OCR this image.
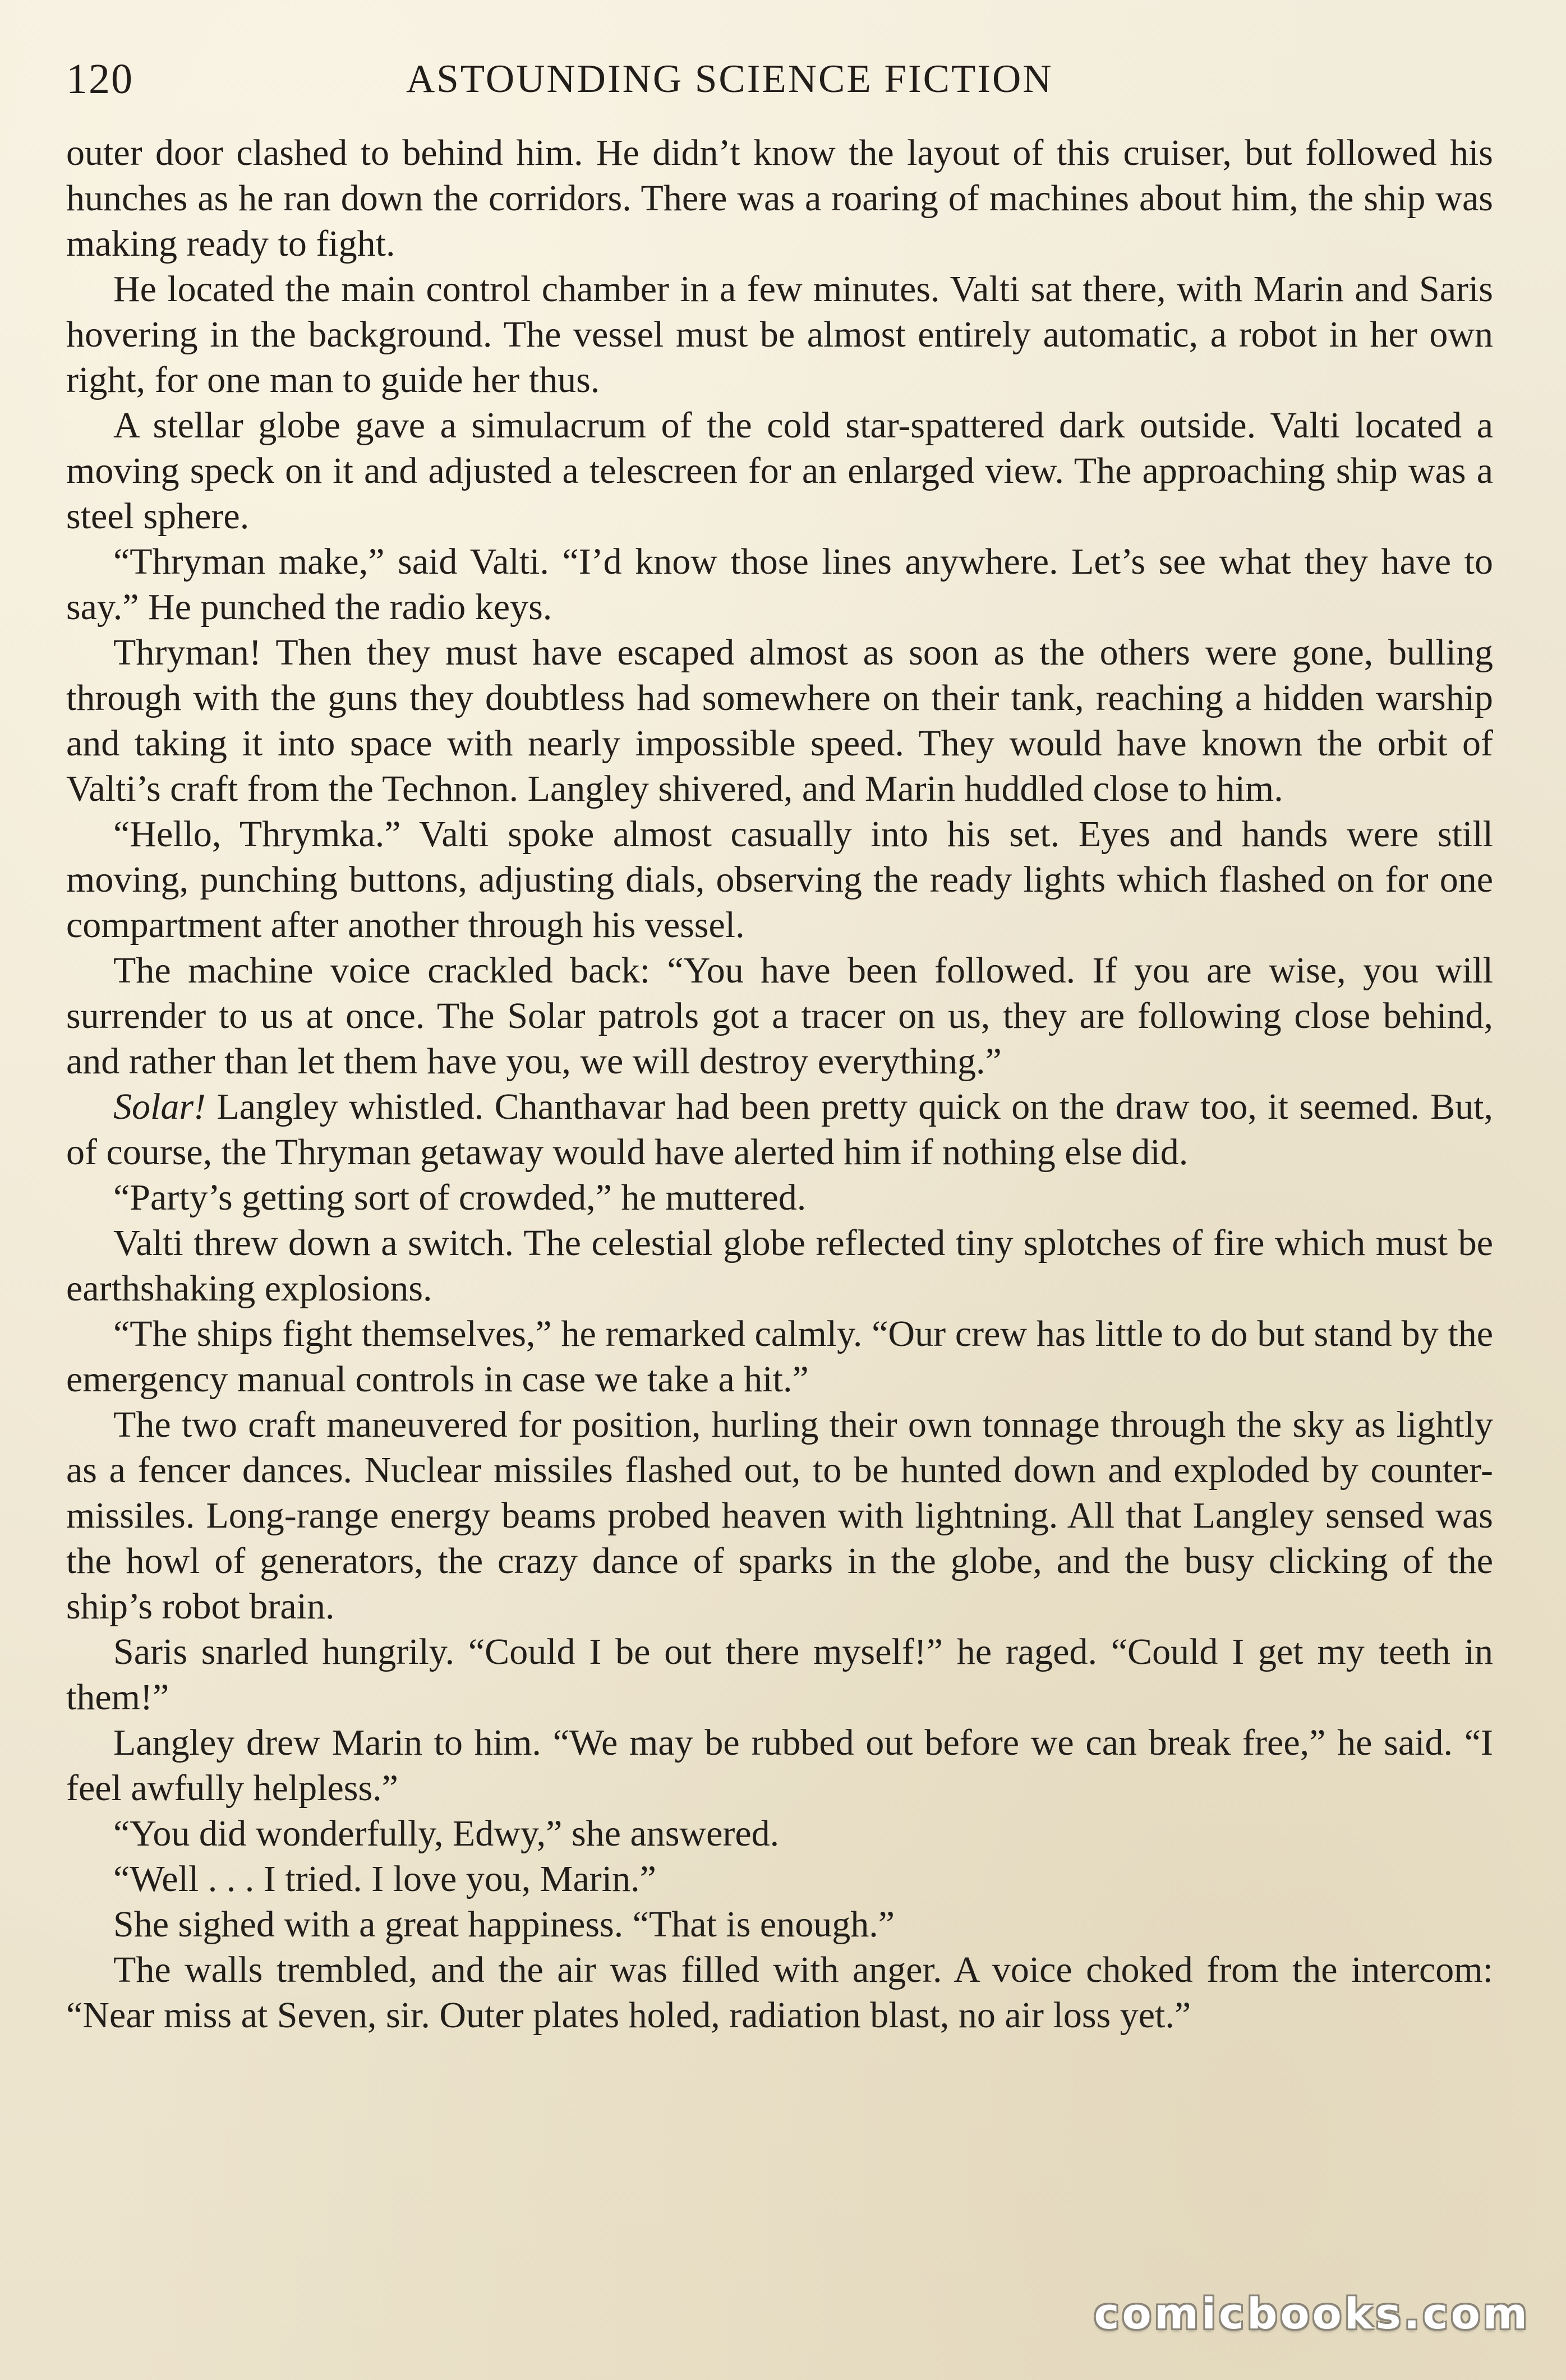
120	ASTOUNDING SCIENCE FICTION

outer door clashed to behind him. He didn’t know the layout of this cruiser, but followed his hunches as he ran down the corridors. There was a roaring of machines about him, the ship was making ready to fight.

He located the main control chamber in a few minutes. Valti sat there, with Marin and Saris hovering in the background. The vessel must be almost entirely automatic, a robot in her own right, for one man to guide her thus.

A stellar globe gave a simulacrum of the cold star-spattered dark outside. Valti located a moving speck on it and adjusted a telescreen for an enlarged view. The approaching ship was a steel sphere.

“Thryman make,” said Valti. “I’d know those lines anywhere. Let’s see what they have to say.” He punched the radio keys.

Thryman! Then they must have escaped almost as soon as the others were gone, bulling through with the guns they doubtless had somewhere on their tank, reaching a hidden warship and taking it into space with nearly impossible speed. They would have known the orbit of Valti’s craft from the Technon. Langley shivered, and Marin huddled close to him.

“Hello, Thrymka.” Valti spoke almost casually into his set. Eyes and hands were still moving, punching buttons, adjusting dials, observing the ready lights which flashed on for one compartment after another through his vessel.

The machine voice crackled back: “You have been followed. If you are wise, you will surrender to us at once. The Solar patrols got a tracer on us, they are following close behind, and rather than let them have you, we will destroy everything.”

Solar! Langley whistled. Chanthavar had been pretty quick on the draw too, it seemed. But, of course, the Thryman getaway would have alerted him if nothing else did.

“Party’s getting sort of crowded,” he muttered.

Valti threw down a switch. The celestial globe reflected tiny splotches of fire which must be earthshaking explosions.

“The ships fight themselves,” he remarked calmly. “Our crew has little to do but stand by the emergency manual controls in case we take a hit.”

The two craft maneuvered for position, hurling their own tonnage through the sky as lightly as a fencer dances. Nuclear missiles flashed out, to be hunted down and exploded by counter-missiles. Long-range energy beams probed heaven with lightning. All that Langley sensed was the howl of generators, the crazy dance of sparks in the globe, and the busy clicking of the ship’s robot brain.

Saris snarled hungrily. “Could I be out there myself!” he raged. “Could I get my teeth in them!”

Langley drew Marin to him. “We may be rubbed out before we can break free,” he said. “I feel awfully helpless.”

“You did wonderfully, Edwy,” she answered.

“Well . . . I tried. I love you, Marin.”

She sighed with a great happiness. “That is enough.”

The walls trembled, and the air was filled with anger. A voice choked from the intercom: “Near miss at Seven, sir. Outer plates holed, radiation blast, no air loss yet.”

comicbooks.com
